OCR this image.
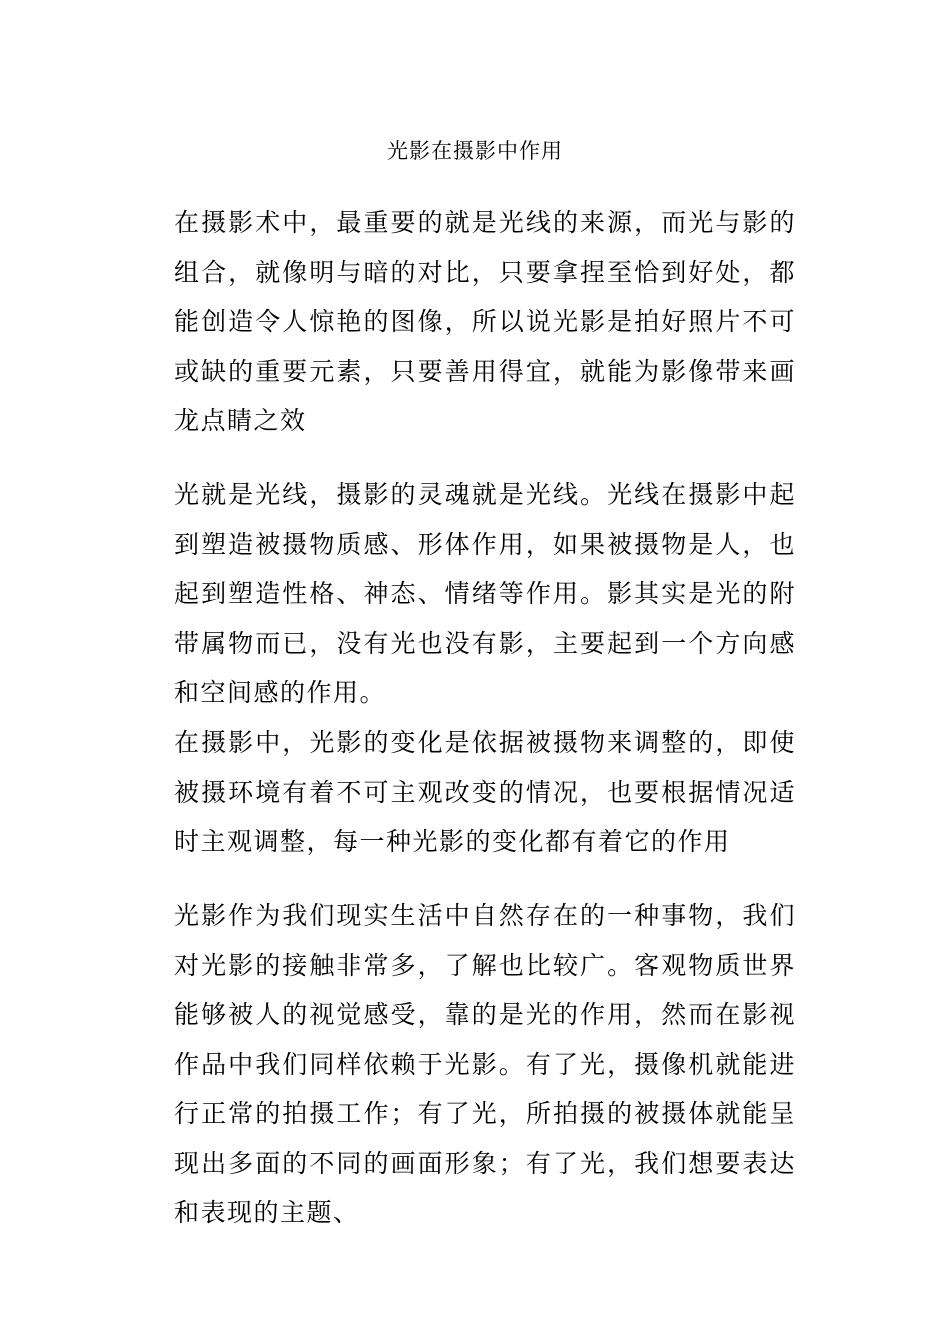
光影在摄影中作用
在摄影术中，最重要的就是光线的来源，而光与影的组合，就像明与暗的对比，只要拿捏至恰到好处，都能创造令人惊艳的图像，所以说光影是拍好照片不可或缺的重要元素，只要善用得宜，就能为影像带来画龙点睛之效
光就是光线，摄影的灵魂就是光线。光线在摄影中起到塑造被摄物质感、形体作用，如果被摄物是人，也起到塑造性格、神态、情绪等作用。影其实是光的附带属物而已，没有光也没有影，主要起到一个方向感和空间感的作用。
在摄影中，光影的变化是依据被摄物来调整的，即使被摄环境有着不可主观改变的情况，也要根据情况适时主观调整，每一种光影的变化都有着它的作用
光影作为我们现实生活中自然存在的一种事物，我们对光影的接触非常多，了解也比较广。客观物质世界能够被人的视觉感受，靠的是光的作用，然而在影视作品中我们同样依赖于光影。有了光，摄像机就能进行正常的拍摄工作；有了光，所拍摄的被摄体就能呈现出多面的不同的画面形象；有了光，我们想要表达和表现的主题、
